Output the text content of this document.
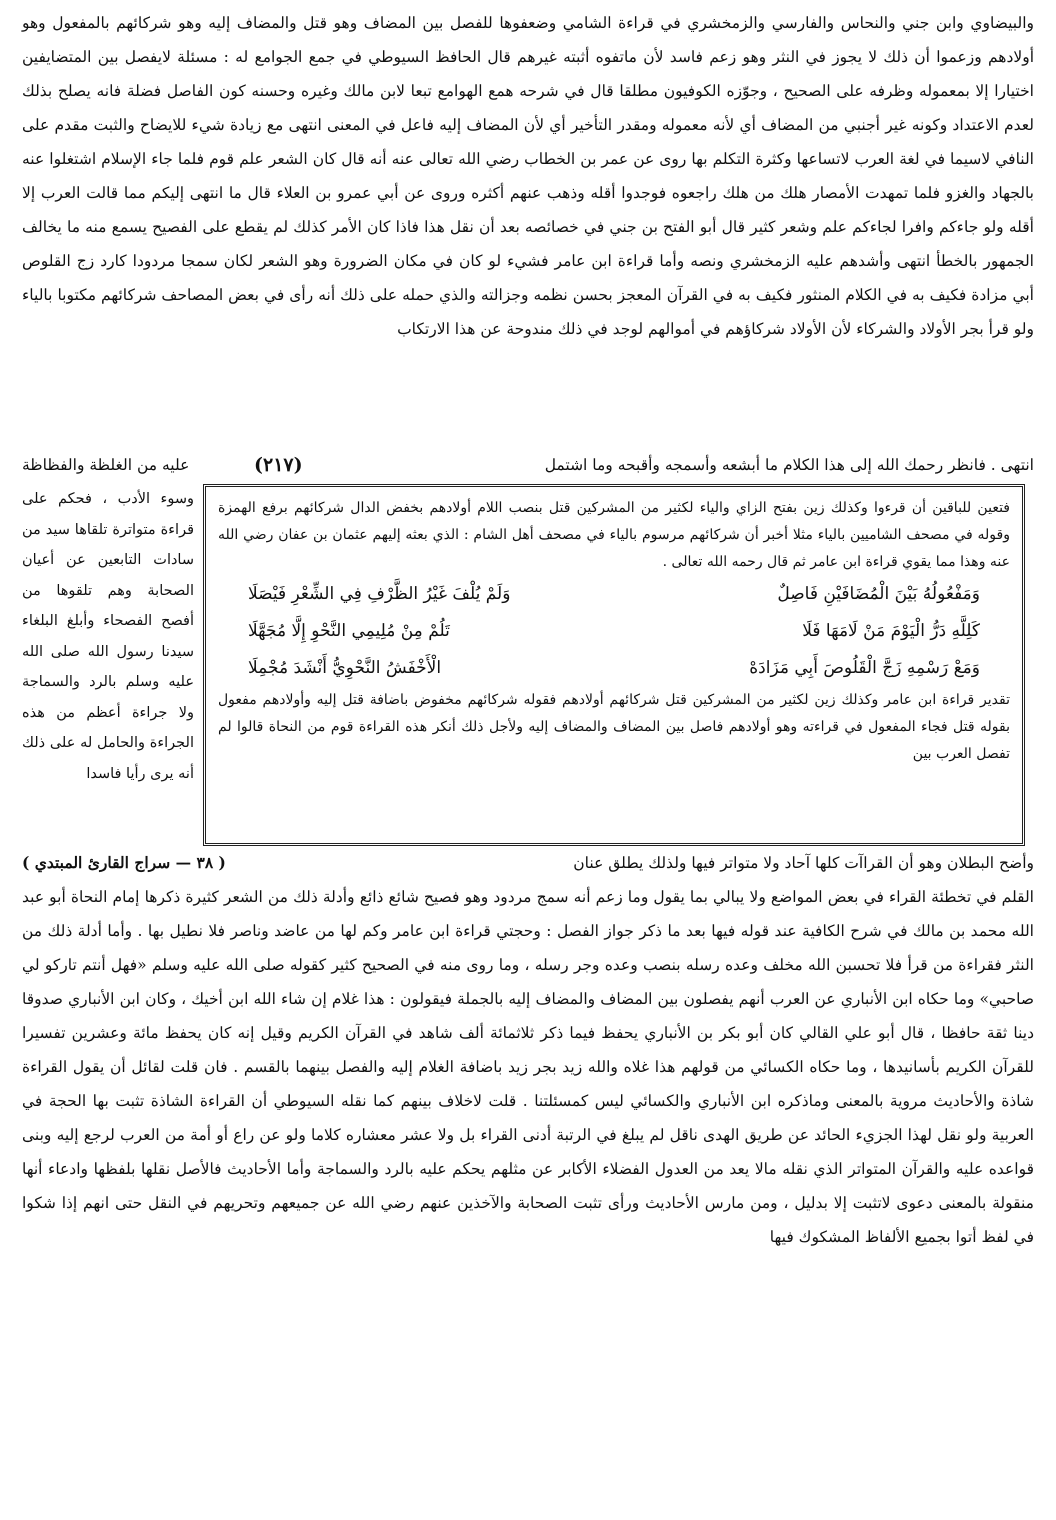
والبيضاوي وابن جني والنحاس والفارسي والزمخشري في قراءة الشامي وضعفوها للفصل بين المضاف وهو قتل والمضاف إليه وهو شركائهم بالمفعول وهو أولادهم وزعموا أن ذلك لا يجوز في النثر وهو زعم فاسد لأن ماتفوه أثبته غيرهم قال الحافظ السيوطي في جمع الجوامع له : مسئلة لايفصل بين المتضايفين اختيارا إلا بمعموله وظرفه على الصحيح ، وجوّزه الكوفيون مطلقا قال في شرحه همع الهوامع تبعا لابن مالك وغيره وحسنه كون الفاصل فضلة فانه يصلح بذلك لعدم الاعتداد وكونه غير أجنبي من المضاف أي لأنه معموله ومقدر التأخير أي لأن المضاف إليه فاعل في المعنى انتهى مع زيادة شيء للايضاح والثبت مقدم على النافي لاسيما في لغة العرب لاتساعها وكثرة التكلم بها روى عن عمر بن الخطاب رضي الله تعالى عنه أنه قال كان الشعر علم قوم فلما جاء الإسلام اشتغلوا عنه بالجهاد والغزو فلما تمهدت الأمصار هلك من هلك راجعوه فوجدوا أقله وذهب عنهم أكثره وروى عن أبي عمرو بن العلاء قال ما انتهى إليكم مما قالت العرب إلا أقله ولو جاءكم وافرا لجاءكم علم وشعر كثير قال أبو الفتح بن جني في خصائصه بعد أن نقل هذا فاذا كان الأمر كذلك لم يقطع على الفصيح يسمع منه ما يخالف الجمهور بالخطأ انتهى وأشدهم عليه الزمخشري ونصه وأما قراءة ابن عامر فشيء لو كان في مكان الضرورة وهو الشعر لكان سمجا مردودا كارد زج القلوص أبي مزادة فكيف به في الكلام المنثور فكيف به في القرآن المعجز بحسن نظمه وجزالته والذي حمله على ذلك أنه رأى في بعض المصاحف شركائهم مكتوبا بالياء ولو قرأ بجر الأولاد والشركاء لأن الأولاد شركاؤهم في أموالهم لوجد في ذلك مندوحة عن هذا الارتكاب

انتهى . فانظر رحمك الله إلى هذا الكلام ما أبشعه وأسمجه وأقبحه وما اشتمل
(٢١٧)
عليه من الغلظة والفظاظة

فتعين للباقين أن قرءوا وكذلك زين بفتح الزاي والياء لكثير من المشركين قتل بنصب اللام أولادهم بخفض الدال شركائهم برفع الهمزة وقوله في مصحف الشاميين بالياء مثلا أخبر أن شركائهم مرسوم بالياء في مصحف أهل الشام : الذي بعثه إليهم عثمان بن عفان رضي الله عنه وهذا مما يقوي قراءة ابن عامر ثم قال رحمه الله تعالى .

وَمَفْعُولُهُ بَيْنَ الْمُضَافَيْنِ فَاصِلٌ
وَلَمْ يُلْفَ غَيْرُ الظَّرْفِ فِي الشِّعْرِ فَيْصَلَا
كَلِلَّهِ دَرُّ الْيَوْمَ مَنْ لَامَهَا فَلَا
تَلُمْ مِنْ مُلِيمِي النَّحْوِ إِلَّا مُجَهَّلَا
وَمَعْ رَسْمِهِ زَجَّ الْقَلُوصَ أَبِي مَزَادَهْ
الْأَخْفَشُ النَّحْوِيُّ أَنْشَدَ مُجْمِلَا

تقدير قراءة ابن عامر وكذلك زين لكثير من المشركين قتل شركائهم أولادهم فقوله شركائهم مخفوض باضافة قتل إليه وأولادهم مفعول بقوله قتل فجاء المفعول في قراءته وهو أولادهم فاصل بين المضاف والمضاف إليه ولأجل ذلك أنكر هذه القراءة قوم من النحاة قالوا لم تفصل العرب بين

وسوء الأدب ، فحكم على قراءة متواترة تلقاها سيد من سادات التابعين عن أعيان الصحابة وهم تلقوها من أفصح الفصحاء وأبلغ البلغاء سيدنا رسول الله صلى الله عليه وسلم بالرد والسماجة ولا جراءة أعظم من هذه الجراءة والحامل له على ذلك أنه يرى رأيا فاسدا

( ٣٨ — سراج القارئ المبتدي )	وأضح البطلان وهو أن القراآت كلها آحاد ولا متواتر فيها ولذلك يطلق عنان

القلم في تخطئة القراء في بعض المواضع ولا يبالي بما يقول وما زعم أنه سمج مردود وهو فصيح شائع ذائع وأدلة ذلك من الشعر كثيرة ذكرها إمام النحاة أبو عبد الله محمد بن مالك في شرح الكافية عند قوله فيها بعد ما ذكر جواز الفصل : وحجتي قراءة ابن عامر وكم لها من عاضد وناصر فلا نطيل بها . وأما أدلة ذلك من النثر فقراءة من قرأ فلا تحسبن الله مخلف وعده رسله بنصب وعده وجر رسله ، وما روى منه في الصحيح كثير كقوله صلى الله عليه وسلم «فهل أنتم تاركو لي صاحبي» وما حكاه ابن الأنباري عن العرب أنهم يفصلون بين المضاف والمضاف إليه بالجملة فيقولون : هذا غلام إن شاء الله ابن أخيك ، وكان ابن الأنباري صدوقا دينا ثقة حافظا ، قال أبو علي القالي كان أبو بكر بن الأنباري يحفظ فيما ذكر ثلاثمائة ألف شاهد في القرآن الكريم وقيل إنه كان يحفظ مائة وعشرين تفسيرا للقرآن الكريم بأسانيدها ، وما حكاه الكسائي من قولهم هذا غلاه والله زيد بجر زيد باضافة الغلام إليه والفصل بينهما بالقسم . فان قلت لقائل أن يقول القراءة شاذة والأحاديث مروية بالمعنى وماذكره ابن الأنباري والكسائي ليس كمسئلتنا . قلت لاخلاف بينهم كما نقله السيوطي أن القراءة الشاذة تثبت بها الحجة في العربية ولو نقل لهذا الجزيء الحائد عن طريق الهدى ناقل لم يبلغ في الرتبة أدنى القراء بل ولا عشر معشاره كلاما ولو عن راع أو أمة من العرب لرجع إليه وبنى قواعده عليه والقرآن المتواتر الذي نقله مالا يعد من العدول الفضلاء الأكابر عن مثلهم يحكم عليه بالرد والسماجة وأما الأحاديث فالأصل نقلها بلفظها وادعاء أنها منقولة بالمعنى دعوى لاتثبت إلا بدليل ، ومن مارس الأحاديث ورأى تثبت الصحابة والآخذين عنهم رضي الله عن جميعهم وتحريهم في النقل حتى انهم إذا شكوا في لفظ أتوا بجميع الألفاظ المشكوك فيها
